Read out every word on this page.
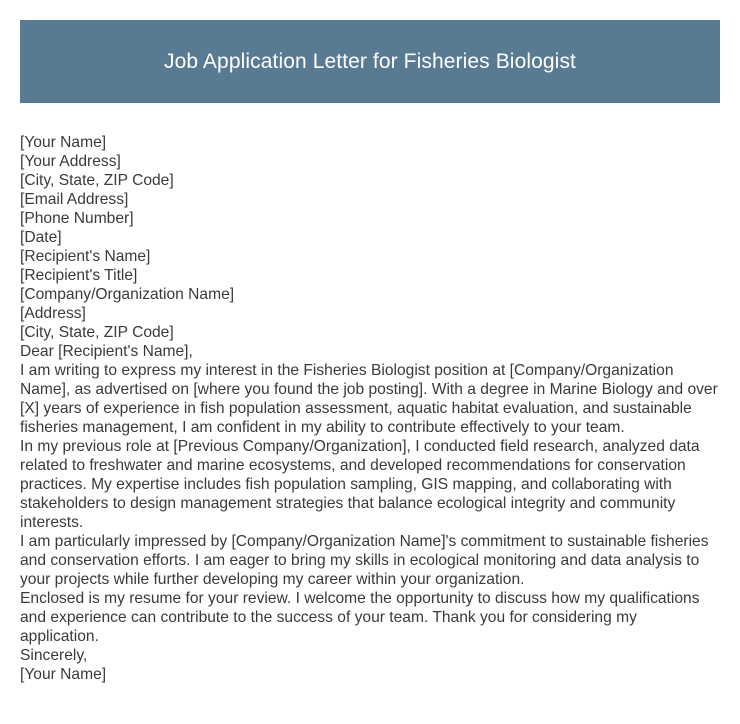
Job Application Letter for Fisheries Biologist

[Your Name]

[Your Address]

[City, State, ZIP Code]

[Email Address]

[Phone Number]

[Date]

[Recipient's Name]

[Recipient's Title]

[Company/Organization Name]

[Address]

[City, State, ZIP Code]

Dear [Recipient's Name],

I am writing to express my interest in the Fisheries Biologist position at [Company/Organization Name], as advertised on [where you found the job posting]. With a degree in Marine Biology and over [X] years of experience in fish population assessment, aquatic habitat evaluation, and sustainable fisheries management, I am confident in my ability to contribute effectively to your team.

In my previous role at [Previous Company/Organization], I conducted field research, analyzed data related to freshwater and marine ecosystems, and developed recommendations for conservation practices. My expertise includes fish population sampling, GIS mapping, and collaborating with stakeholders to design management strategies that balance ecological integrity and community interests.

I am particularly impressed by [Company/Organization Name]'s commitment to sustainable fisheries and conservation efforts. I am eager to bring my skills in ecological monitoring and data analysis to your projects while further developing my career within your organization.

Enclosed is my resume for your review. I welcome the opportunity to discuss how my qualifications and experience can contribute to the success of your team. Thank you for considering my application.

Sincerely,

[Your Name]
